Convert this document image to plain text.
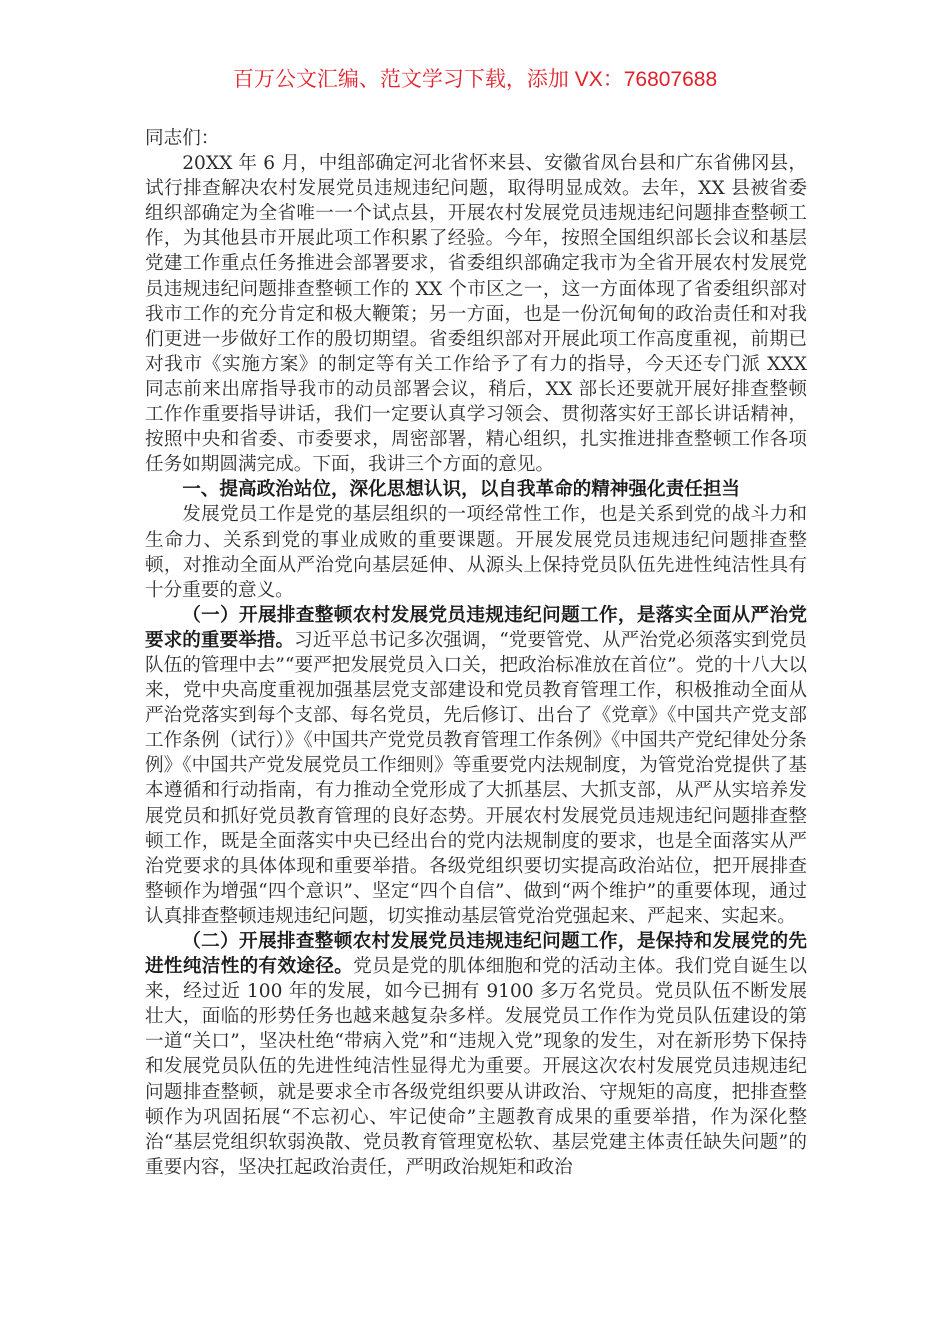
百万公文汇编、范文学习下载，添加 VX：76807688

同志们：

20XX 年 6 月，中组部确定河北省怀来县、安徽省凤台县和广东省佛冈县，试行排查解决农村发展党员违规违纪问题，取得明显成效。去年，XX 县被省委组织部确定为全省唯一一个试点县，开展农村发展党员违规违纪问题排查整顿工作，为其他县市开展此项工作积累了经验。今年，按照全国组织部长会议和基层党建工作重点任务推进会部署要求，省委组织部确定我市为全省开展农村发展党员违规违纪问题排查整顿工作的 XX 个市区之一，这一方面体现了省委组织部对我市工作的充分肯定和极大鞭策；另一方面，也是一份沉甸甸的政治责任和对我们更进一步做好工作的殷切期望。省委组织部对开展此项工作高度重视，前期已对我市《实施方案》的制定等有关工作给予了有力的指导，今天还专门派 XXX 同志前来出席指导我市的动员部署会议，稍后，XX 部长还要就开展好排查整顿工作作重要指导讲话，我们一定要认真学习领会、贯彻落实好王部长讲话精神，按照中央和省委、市委要求，周密部署，精心组织，扎实推进排查整顿工作各项任务如期圆满完成。下面，我讲三个方面的意见。

一、提高政治站位，深化思想认识，以自我革命的精神强化责任担当

发展党员工作是党的基层组织的一项经常性工作，也是关系到党的战斗力和生命力、关系到党的事业成败的重要课题。开展发展党员违规违纪问题排查整顿，对推动全面从严治党向基层延伸、从源头上保持党员队伍先进性纯洁性具有十分重要的意义。

（一）开展排查整顿农村发展党员违规违纪问题工作，是落实全面从严治党要求的重要举措。习近平总书记多次强调，“党要管党、从严治党必须落实到党员队伍的管理中去”“要严把发展党员入口关，把政治标准放在首位”。党的十八大以来，党中央高度重视加强基层党支部建设和党员教育管理工作，积极推动全面从严治党落实到每个支部、每名党员，先后修订、出台了《党章》《中国共产党支部工作条例（试行）》《中国共产党党员教育管理工作条例》《中国共产党纪律处分条例》《中国共产党发展党员工作细则》等重要党内法规制度，为管党治党提供了基本遵循和行动指南，有力推动全党形成了大抓基层、大抓支部，从严从实培养发展党员和抓好党员教育管理的良好态势。开展农村发展党员违规违纪问题排查整顿工作，既是全面落实中央已经出台的党内法规制度的要求，也是全面落实从严治党要求的具体体现和重要举措。各级党组织要切实提高政治站位，把开展排查整顿作为增强“四个意识”、坚定“四个自信”、做到“两个维护”的重要体现，通过认真排查整顿违规违纪问题，切实推动基层管党治党强起来、严起来、实起来。

（二）开展排查整顿农村发展党员违规违纪问题工作，是保持和发展党的先进性纯洁性的有效途径。党员是党的肌体细胞和党的活动主体。我们党自诞生以来，经过近 100 年的发展，如今已拥有 9100 多万名党员。党员队伍不断发展壮大，面临的形势任务也越来越复杂多样。发展党员工作作为党员队伍建设的第一道“关口”，坚决杜绝“带病入党”和“违规入党”现象的发生，对在新形势下保持和发展党员队伍的先进性纯洁性显得尤为重要。开展这次农村发展党员违规违纪问题排查整顿，就是要求全市各级党组织要从讲政治、守规矩的高度，把排查整顿作为巩固拓展“不忘初心、牢记使命”主题教育成果的重要举措，作为深化整治“基层党组织软弱涣散、党员教育管理宽松软、基层党建主体责任缺失问题”的重要内容，坚决扛起政治责任，严明政治规矩和政治
